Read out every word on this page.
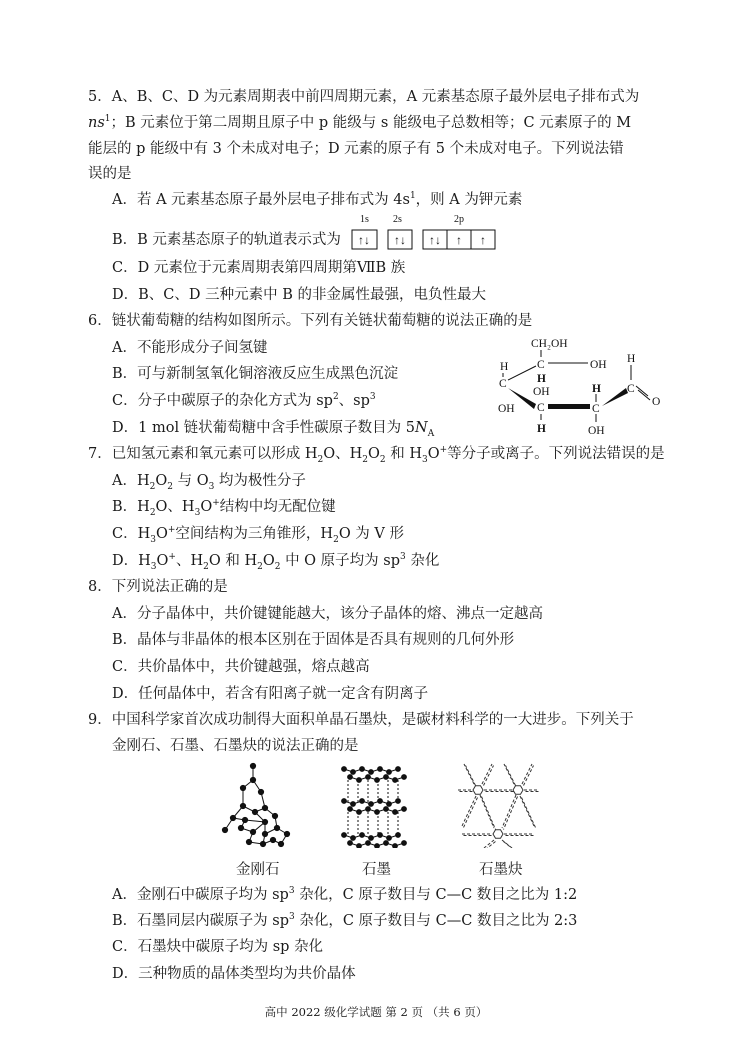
5．A、B、C、D 为元素周期表中前四周期元素，A 元素基态原子最外层电子排布式为
$ns^1$；B 元素位于第二周期且原子中 p 能级与 s 能级电子总数相等；C 元素原子的 M
能层的 p 能级中有 3 个未成对电子；D 元素的原子有 5 个未成对电子。下列说法错
误的是
A．若 A 元素基态原子最外层电子排布式为 $4s^1$，则 A 为钾元素
B．B 元素基态原子的轨道表示式为
1s 2s	2p
↑↓ ↑↓ ↑↓ ↑ ↑
C．D 元素位于元素周期表第四周期第ⅦB 族
D．B、C、D 三种元素中 B 的非金属性最强，电负性最大
6．链状葡萄糖的结构如图所示。下列有关链状葡萄糖的说法正确的是
A．不能形成分子间氢键
B．可与新制氢氧化铜溶液反应生成黑色沉淀
C．分子中碳原子的杂化方式为 $sp^2$、$sp^3$
D．1 mol 链状葡萄糖中含手性碳原子数目为 $5N_A$
CH₂OH
C	OH
H
C	H
OH
OH C
H
H
C
OH
H
C
O
7．已知氢元素和氧元素可以形成 $H_2O$、$H_2O_2$ 和 $H_3O^+$等分子或离子。下列说法错误的是
A．$H_2O_2$ 与 $O_3$ 均为极性分子
B．$H_2O$、$H_3O^+$结构中均无配位键
C．$H_3O^+$空间结构为三角锥形，$H_2O$ 为 V 形
D．$H_3O^+$、$H_2O$ 和 $H_2O_2$ 中 O 原子均为 $sp^3$ 杂化
8．下列说法正确的是
A．分子晶体中，共价键键能越大，该分子晶体的熔、沸点一定越高
B．晶体与非晶体的根本区别在于固体是否具有规则的几何外形
C．共价晶体中，共价键越强，熔点越高
D．任何晶体中，若含有阳离子就一定含有阴离子
9．中国科学家首次成功制得大面积单晶石墨炔，是碳材料科学的一大进步。下列关于
金刚石、石墨、石墨炔的说法正确的是
金刚石	石墨	石墨炔
A．金刚石中碳原子均为 $sp^3$ 杂化，C 原子数目与 C—C 数目之比为 1:2
B．石墨同层内碳原子为 $sp^3$ 杂化，C 原子数目与 C—C 数目之比为 2:3
C．石墨炔中碳原子均为 sp 杂化
D．三种物质的晶体类型均为共价晶体
高中 2022 级化学试题 第 2 页 （共 6 页）
